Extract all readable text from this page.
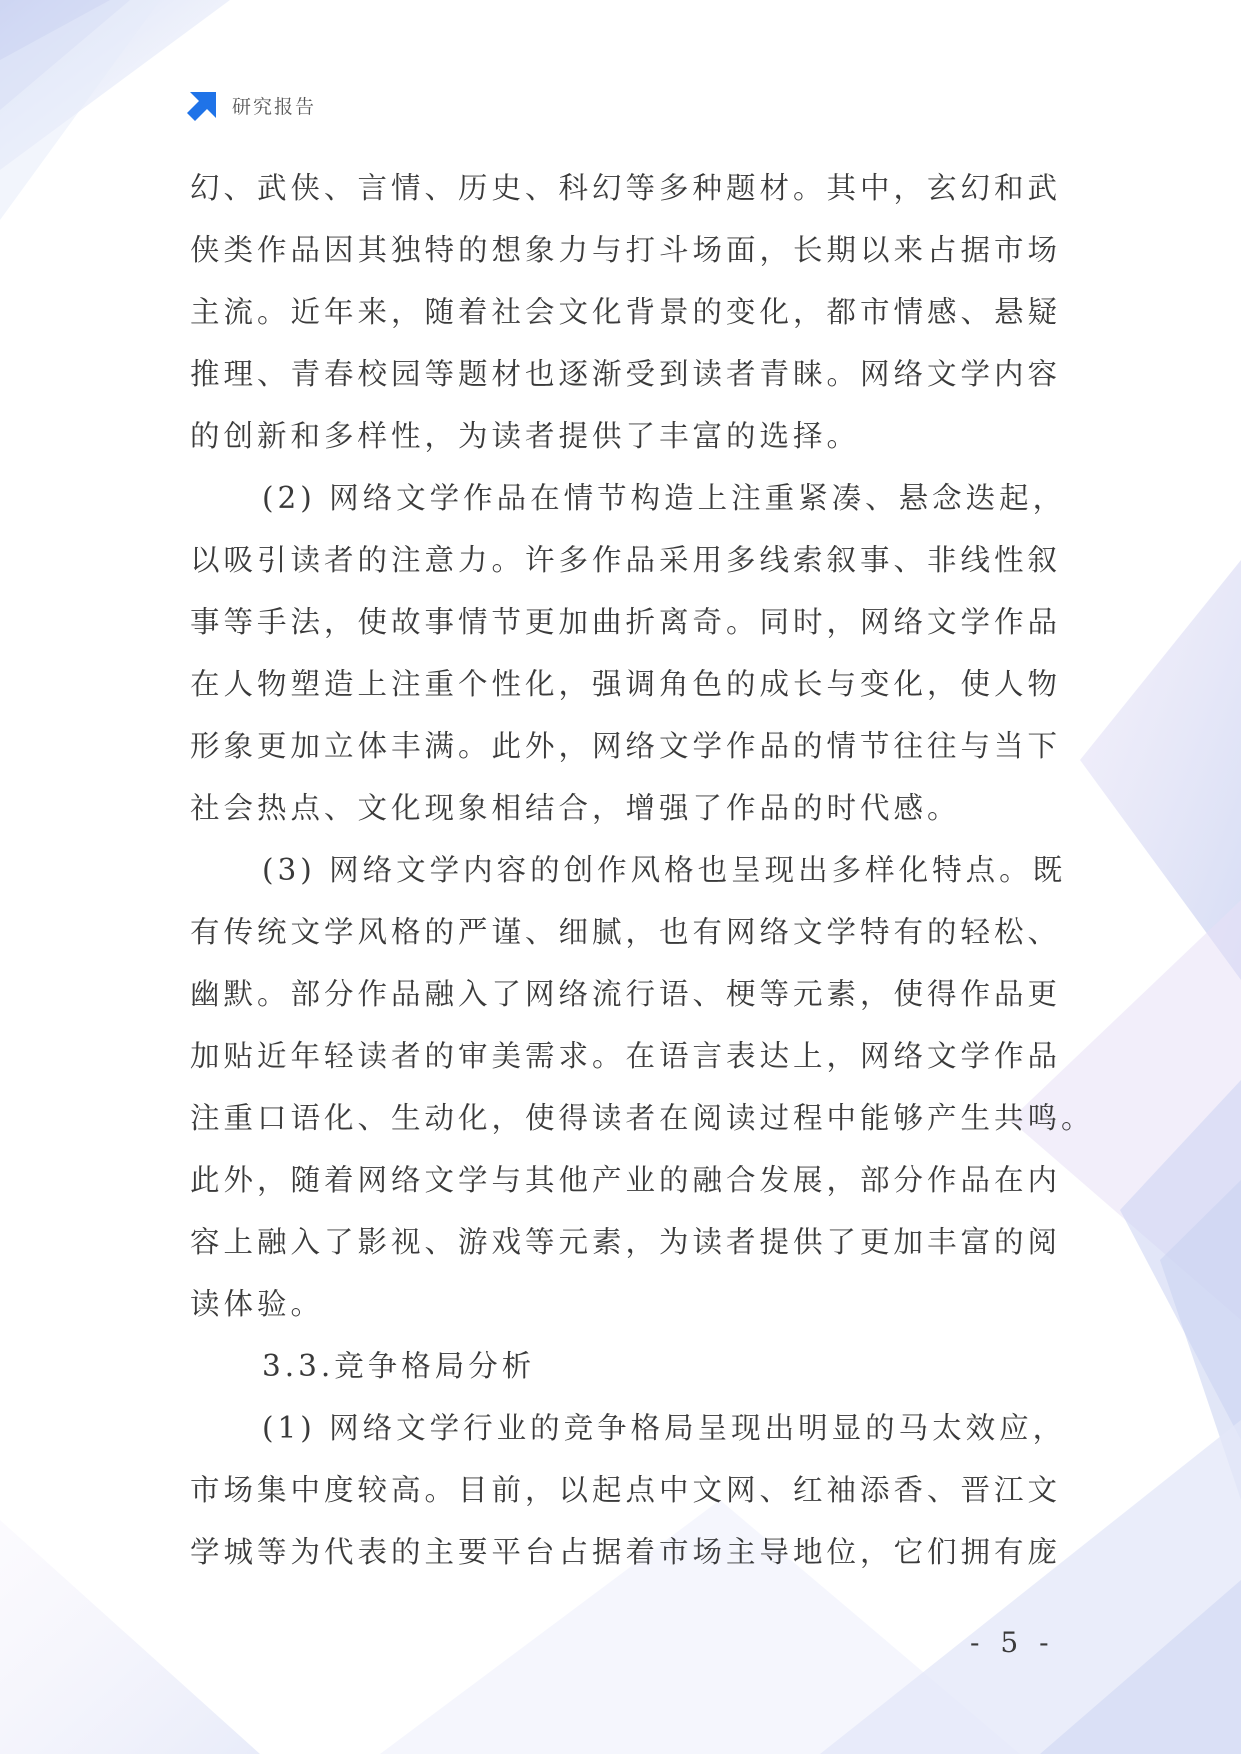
研究报告
幻、武侠、言情、历史、科幻等多种题材。其中，玄幻和武
侠类作品因其独特的想象力与打斗场面，长期以来占据市场
主流。近年来，随着社会文化背景的变化，都市情感、悬疑
推理、青春校园等题材也逐渐受到读者青睐。网络文学内容
的创新和多样性，为读者提供了丰富的选择。
(2) 网络文学作品在情节构造上注重紧凑、悬念迭起，
以吸引读者的注意力。许多作品采用多线索叙事、非线性叙
事等手法，使故事情节更加曲折离奇。同时，网络文学作品
在人物塑造上注重个性化，强调角色的成长与变化，使人物
形象更加立体丰满。此外，网络文学作品的情节往往与当下
社会热点、文化现象相结合，增强了作品的时代感。
(3) 网络文学内容的创作风格也呈现出多样化特点。既
有传统文学风格的严谨、细腻，也有网络文学特有的轻松、
幽默。部分作品融入了网络流行语、梗等元素，使得作品更
加贴近年轻读者的审美需求。在语言表达上，网络文学作品
注重口语化、生动化，使得读者在阅读过程中能够产生共鸣。
此外，随着网络文学与其他产业的融合发展，部分作品在内
容上融入了影视、游戏等元素，为读者提供了更加丰富的阅
读体验。
3.3.竞争格局分析
(1) 网络文学行业的竞争格局呈现出明显的马太效应，
市场集中度较高。目前，以起点中文网、红袖添香、晋江文
学城等为代表的主要平台占据着市场主导地位，它们拥有庞
- 5 -
